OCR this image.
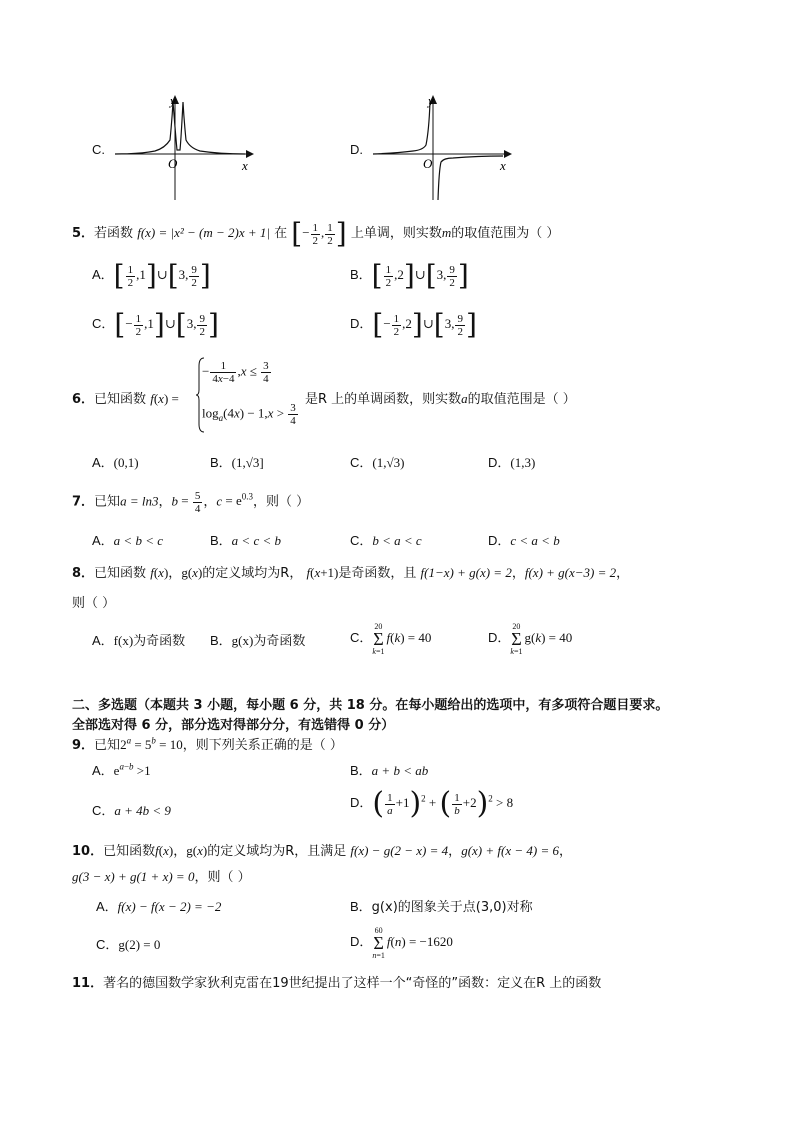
C.
O	x
y
D.
O	x
y
5．若函数 f(x) = |x² − (m − 2)x + 1| 在 [− $\frac{1}{2}$ , $\frac{1}{2}$ ] 上单调，则实数m的取值范围为（ ）
A．[ $\frac{1}{2}$ ,1]∪[3, $\frac{9}{2}$ ]	B．[ $\frac{1}{2}$ ,2]∪[3, $\frac{9}{2}$ ]
C．[− $\frac{1}{2}$ ,1]∪[3, $\frac{9}{2}$ ]	D．[− $\frac{1}{2}$ ,2]∪[3, $\frac{9}{2}$ ]
6．已知函数 f(x) =
− $\frac{1}{4x-4} ,x \le \frac{3}{4}$
$\log_a(4x) - 1,x > \frac{3}{4}$
是R 上的单调函数，则实数a的取值范围是（ ）
A．(0,1)	B．(1,√3]	C．(1,√3)	D．(1,3)
7．已知a = ln3，$b = \frac{5}{4}$ ，$c = e^{0.3}$，则（ ）
A．a < b < c	B．a < c < b	C．b < a < c	D．c < a < b
8．已知函数 f(x)，g(x)的定义域均为R， f(x+1)是奇函数，且 f(1−x) + g(x) = 2，f(x) + g(x−3) = 2，
则（ ）
A．f(x)为奇函数 B．g(x)为奇函数	C．20
Σ
k=1f(k) = 40	D．20
Σ
k=1g(k) = 40
二、多选题（本题共 3 小题，每小题 6 分，共 18 分。在每小题给出的选项中，有多项符合题目要求。
全部选对得 6 分，部分选对得部分分，有选错得 0 分）
9．已知$2^a = 5^b = 10$，则下列关系正确的是（ ）
A．$e^{a-b} >1$	B．a + b < ab
C．a + 4b < 9
D．( $\frac{1}{a} +1)^2$ + ( $\frac{1}{b} +2)^2 > 8$
10．已知函数f(x)，g(x)的定义域均为R，且满足 f(x) − g(2 − x) = 4，g(x) + f(x − 4) = 6，
g(3 − x) + g(1 + x) = 0，则（ ）
A．f(x) − f(x − 2) = −2	B．g(x)的图象关于点(3,0)对称
C．g(2) = 0	D．60
Σ
n=1f(n) = −1620
11．著名的德国数学家狄利克雷在19世纪提出了这样一个“奇怪的”函数：定义在R 上的函数
